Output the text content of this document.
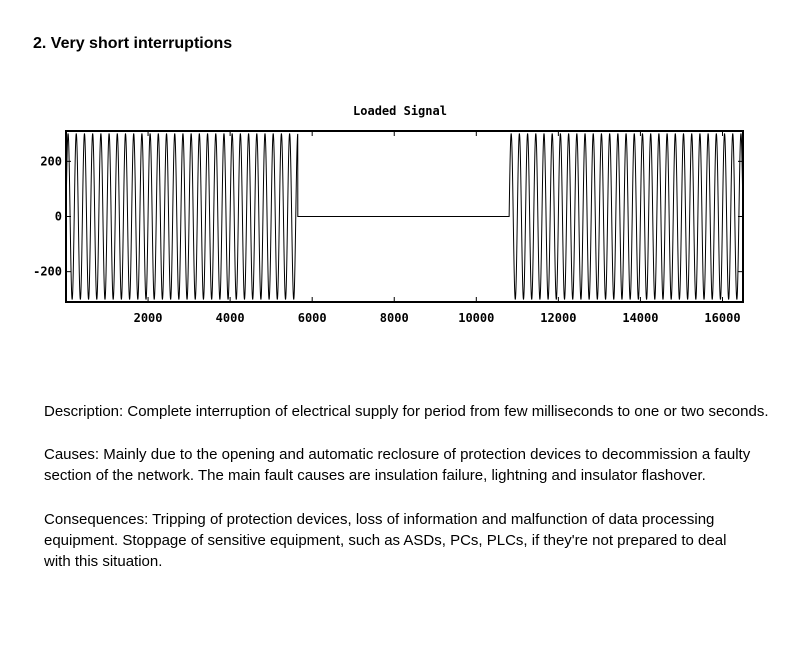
2. Very short interruptions
Loaded Signal
2000	4000	6000	8000	10000	12000	14000	16000
200
0
-200
Description: Complete interruption of electrical supply for period from few milliseconds to one or two seconds.
Causes: Mainly due to the opening and automatic reclosure of protection devices to decommission a faulty section of the network. The main fault causes are insulation failure, lightning and insulator flashover.
Consequences: Tripping of protection devices, loss of information and malfunction of data processing equipment. Stoppage of sensitive equipment, such as ASDs, PCs, PLCs, if they're not prepared to deal with this situation.
